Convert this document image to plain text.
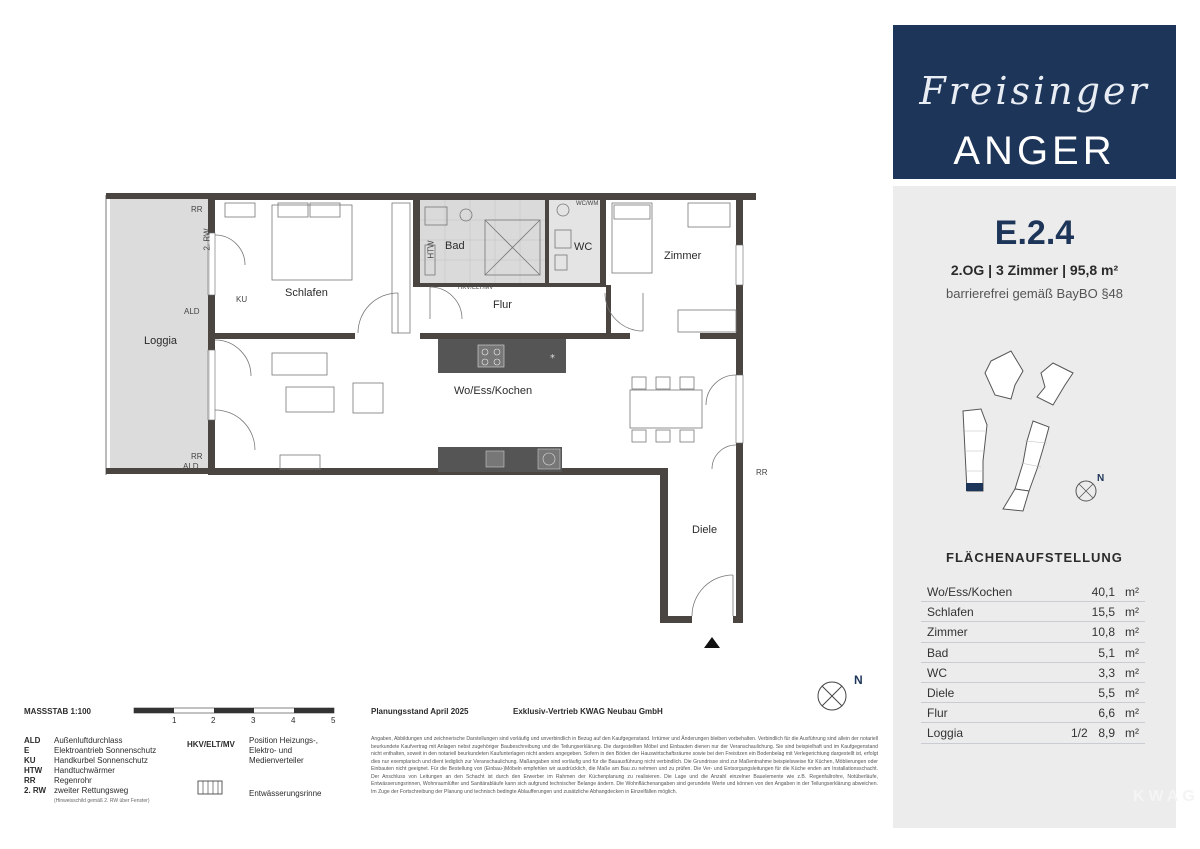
Freisinger
ANGER
E.2.4
2.OG | 3 Zimmer | 95,8 m²
barrierefrei gemäß BayBO §48
N
FLÄCHENAUFSTELLUNG
Wo/Ess/Kochen	40,1 m²
Schlafen	15,5 m²
Zimmer	10,8 m²
Bad	5,1 m²
WC	3,3 m²
Diele	5,5 m²
Flur	6,6 m²
Loggia	1/2 8,9 m²
KWAG
*
Loggia
Schlafen
Bad	WC
Zimmer
Flur
Wo/Ess/Kochen
Diele
RR
2. RW
ALD
KU
HTW
HKV/ELT/MV
WC/WM
RR
ALD
RR
N
MASSSTAB 1:100
1	2	3	4	5
Planungsstand April 2025	Exklusiv-Vertrieb KWAG Neubau GmbH
ALD Außenluftdurchlass
E	Elektroantrieb Sonnenschutz
KU Handkurbel Sonnenschutz
HTW Handtuchwärmer
RR Regenrohr
2. RW zweiter Rettungsweg
(Hinweisschild gemäß 2. RW über Fenster)
HKV/ELT/MV Position Heizungs-, Elektro- und Medienverteiler
Entwässerungsrinne
Angaben, Abbildungen und zeichnerische Darstellungen sind vorläufig und unverbindlich in Bezug auf den Kaufgegenstand. Irrtümer und Änderungen bleiben vorbehalten. Verbindlich für die Ausführung sind allein der notariell beurkundete Kaufvertrag mit Anlagen nebst zugehöriger Baubeschreibung und die Teilungserklärung. Die dargestellten Möbel und Einbauten dienen nur der Veranschaulichung. Sie sind beispielhaft und im Kaufgegenstand nicht enthalten, soweit in den notariell beurkundeten Kaufunterlagen nicht anders angegeben. Sofern in den Böden der Hauswirtschaftsräume sowie bei den Freisitzen ein Bodenbelag mit Verlegerichtung dargestellt ist, erfolgt dies nur exemplarisch und dient lediglich zur Veranschaulichung. Maßangaben sind vorläufig und für die Bauausführung nicht verbindlich. Die Grundrisse sind zur Maßentnahme beispielsweise für Küchen, Möblierungen oder Einbauten nicht geeignet. Für die Bestellung von (Einbau-)Möbeln empfehlen wir ausdrücklich, die Maße am Bau zu nehmen und zu prüfen. Die Ver- und Entsorgungsleitungen für die Küche enden am Installationsschacht. Der Anschluss von Leitungen an den Schacht ist durch den Erwerber im Rahmen der Küchenplanung zu realisieren. Die Lage und die Anzahl einzelner Bauelemente wie z.B. Regenfallrohre, Notüberläufe, Entwässerungsrinnen, Wohnraumlüfter und Sanitärabläufe kann sich aufgrund technischer Belange ändern. Die Wohnflächenangaben sind gerundete Werte und können von den Angaben in der Teilungserklärung abweichen. Im Zuge der Fortschreibung der Planung und technisch bedingte Ablaufferungen und zusätzliche Abhangdecken in Einzelfällen möglich.
